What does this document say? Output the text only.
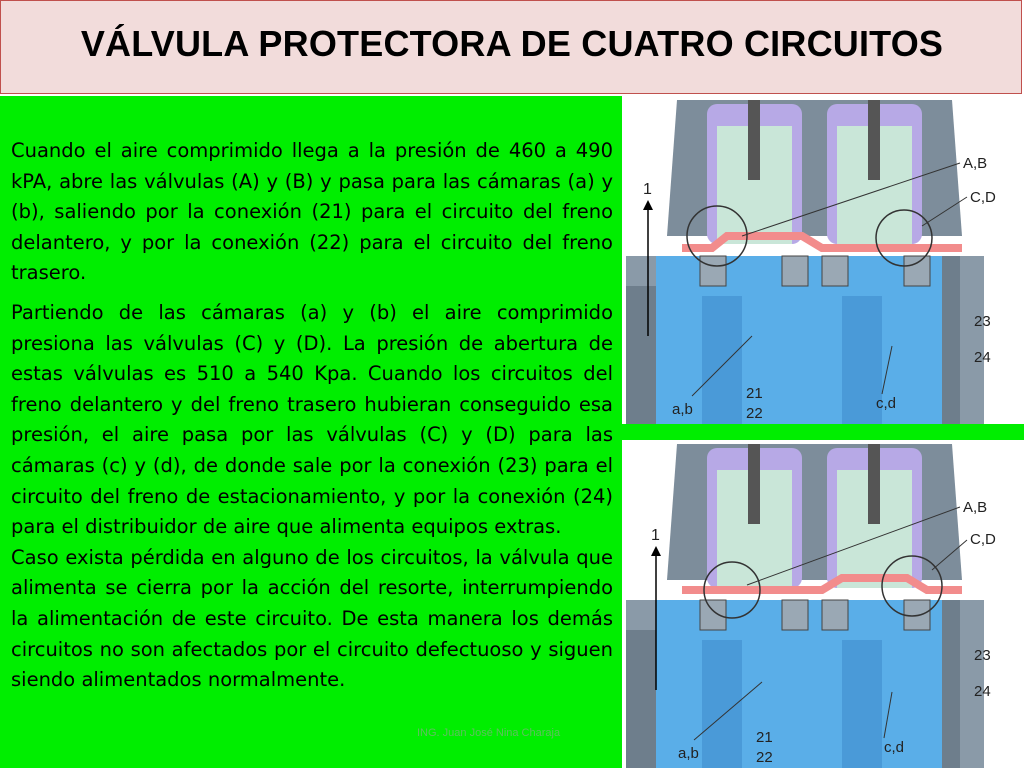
VÁLVULA PROTECTORA DE CUATRO CIRCUITOS
Cuando el aire comprimido llega a la presión de 460 a 490 kPA, abre las válvulas (A) y (B) y pasa para las cámaras (a) y (b), saliendo por la conexión (21) para el circuito del freno delantero, y por la conexión (22) para el circuito del freno trasero.
Partiendo de las cámaras (a) y (b) el aire comprimido presiona las válvulas (C) y (D). La presión de abertura de estas válvulas es 510 a 540 Kpa. Cuando los circuitos del freno delantero y del freno trasero hubieran conseguido esa presión, el aire pasa por las válvulas (C) y (D) para las cámaras (c) y (d), de donde sale por la conexión (23) para el circuito del freno de estacionamiento, y por la conexión (24) para el distribuidor de aire que alimenta equipos extras.
Caso exista pérdida en alguno de los circuitos, la válvula que alimenta se cierra por la acción del resorte, interrumpiendo la alimentación de este circuito. De esta manera los demás circuitos no son afectados por el circuito defectuoso y siguen siendo alimentados normalmente.
ING. Juan José Nina Charaja
1
A,B
C,D
23
24
a,b
21
22
c,d
1
A,B
C,D
23
24
a,b
21
22
c,d
